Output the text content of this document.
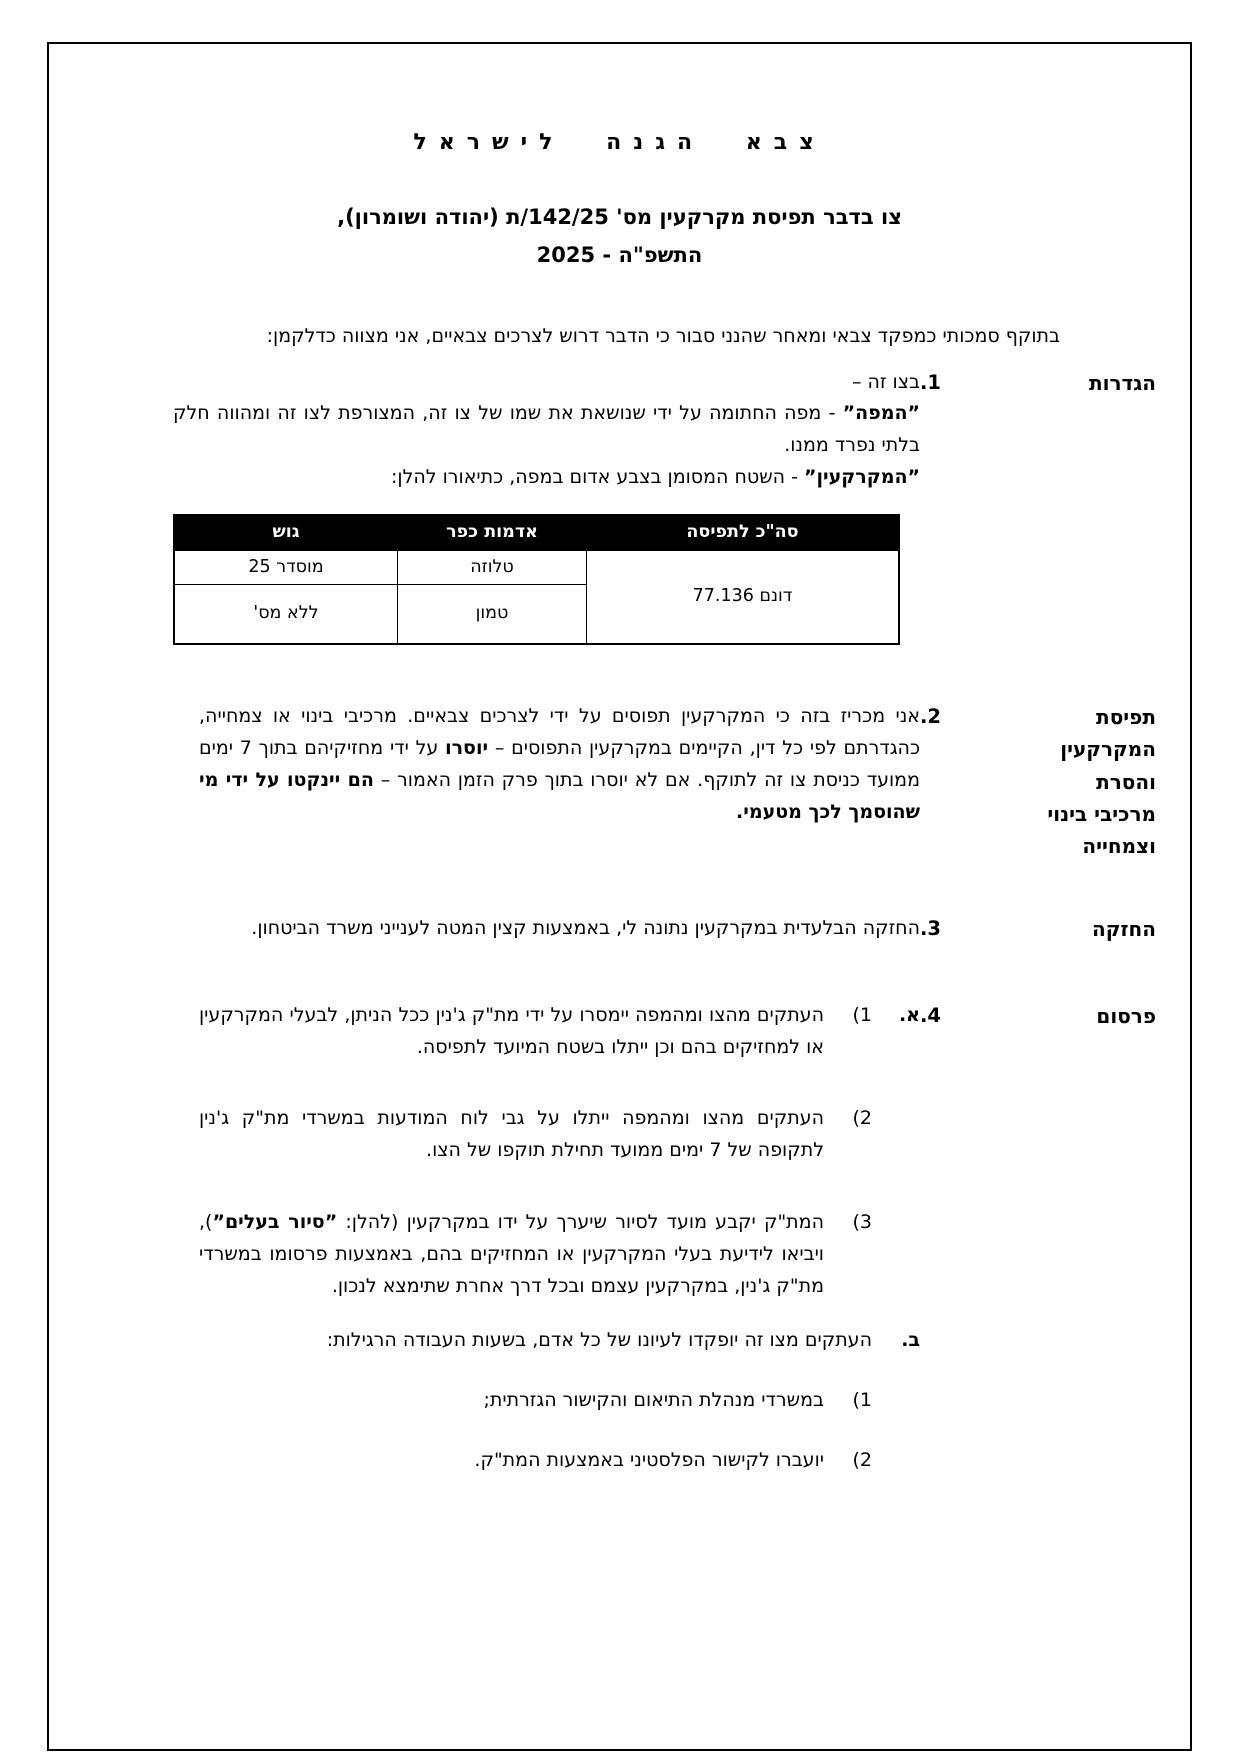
צבא הגנה לישראל
צו בדבר תפיסת מקרקעין מס' 142/25/ת (יהודה ושומרון),
התשפ"ה - 2025

בתוקף סמכותי כמפקד צבאי ומאחר שהנני סבור כי הדבר דרוש לצרכים צבאיים, אני מצווה כדלקמן:

הגדרות
.1

בצו זה –

”המפה” - מפה החתומה על ידי שנושאת את שמו של צו זה, המצורפת לצו זה ומהווה חלק בלתי נפרד ממנו.

”המקרקעין” - השטח המסומן בצבע אדום במפה, כתיאורו להלן:

סה"כ לתפיסה	אדמות כפר	גוש
77.136 דונם	טלוזה	25 מוסדר
	טמון	ללא מס'
תפיסת המקרקעין והסרת מרכיבי בינוי וצמחייה
.2

אני מכריז בזה כי המקרקעין תפוסים על ידי לצרכים צבאיים. מרכיבי בינוי או צמחייה, כהגדרתם לפי כל דין, הקיימים במקרקעין התפוסים – יוסרו על ידי מחזיקיהם בתוך 7 ימים ממועד כניסת צו זה לתוקף. אם לא יוסרו בתוך פרק הזמן האמור – הם יינקטו על ידי מי שהוסמך לכך מטעמי.

החזקה
.3

החזקה הבלעדית במקרקעין נתונה לי, באמצעות קצין המטה לענייני משרד הביטחון.

פרסום
.4
.א
(1

העתקים מהצו ומהמפה יימסרו על ידי מת"ק ג'נין ככל הניתן, לבעלי המקרקעין או למחזיקים בהם וכן ייתלו בשטח המיועד לתפיסה.

(2

העתקים מהצו ומהמפה ייתלו על גבי לוח המודעות במשרדי מת"ק ג'נין לתקופה של 7 ימים ממועד תחילת תוקפו של הצו.

(3

המת"ק יקבע מועד לסיור שיערך על ידו במקרקעין (להלן: ”סיור בעלים”), ויביאו לידיעת בעלי המקרקעין או המחזיקים בהם, באמצעות פרסומו במשרדי מת"ק ג'נין, במקרקעין עצמם ובכל דרך אחרת שתימצא לנכון.

.ב

העתקים מצו זה יופקדו לעיונו של כל אדם, בשעות העבודה הרגילות:

(1

במשרדי מנהלת התיאום והקישור הגזרתית;

(2

יועברו לקישור הפלסטיני באמצעות המת"ק.
